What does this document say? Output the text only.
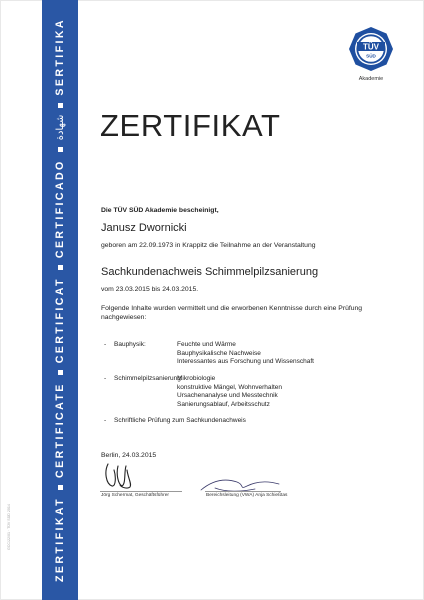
ZERTIFIKATCERTIFICATECERTIFICATCERTIFICADOشهادةSERTIFIKA
GCC/22/01 · TÜV SÜD 2014
TÜV
SÜD
Akademie
ZERTIFIKAT
Die TÜV SÜD Akademie bescheinigt,
Janusz Dwornicki
geboren am 22.09.1973 in Krappitz die Teilnahme an der Veranstaltung
Sachkundenachweis Schimmelpilzsanierung
vom 23.03.2015 bis 24.03.2015.
Folgende Inhalte wurden vermittelt und die erworbenen Kenntnisse durch eine Prüfung
nachgewiesen:
- Bauphysik:	Feuchte und Wärme
Bauphysikalische Nachweise
Interessantes aus Forschung und Wissenschaft
- Schimmelpilzsanierung:
Mikrobiologie
konstruktive Mängel, Wohnverhalten
Ursachenanalyse und Messtechnik
Sanierungsablauf, Arbeitsschutz
- Schriftliche Prüfung zum Sachkundenachweis
Berlin, 24.03.2015
Jörg Schermat, Geschäftsführer	Bereichsleitung (VWA) Anja Schießtas
